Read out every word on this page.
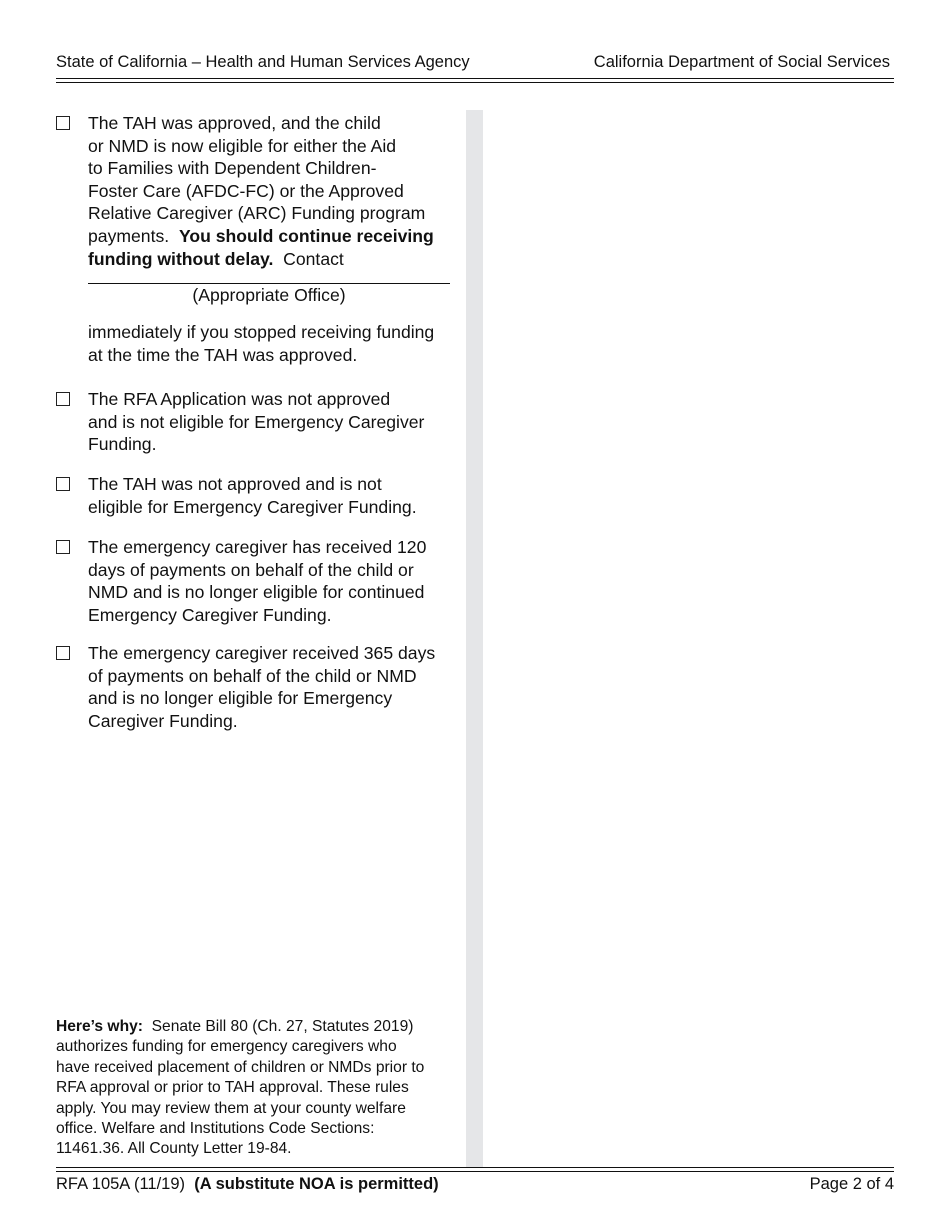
State of California – Health and Human Services Agency	California Department of Social Services

The TAH was approved, and the child

or NMD is now eligible for either the Aid

to Families with Dependent Children-

Foster Care (AFDC-FC) or the Approved

Relative Caregiver (ARC) Funding program

payments. You should continue receiving

funding without delay. Contact

(Appropriate Office)

immediately if you stopped receiving funding

at the time the TAH was approved.

The RFA Application was not approved

and is not eligible for Emergency Caregiver

Funding.

The TAH was not approved and is not

eligible for Emergency Caregiver Funding.

The emergency caregiver has received 120

days of payments on behalf of the child or

NMD and is no longer eligible for continued

Emergency Caregiver Funding.

The emergency caregiver received 365 days

of payments on behalf of the child or NMD

and is no longer eligible for Emergency

Caregiver Funding.

Here’s why: Senate Bill 80 (Ch. 27, Statutes 2019)
authorizes funding for emergency caregivers who
have received placement of children or NMDs prior to
RFA approval or prior to TAH approval. These rules
apply. You may review them at your county welfare
office. Welfare and Institutions Code Sections:
11461.36. All County Letter 19-84.
RFA 105A (11/19) (A substitute NOA is permitted)	Page 2 of 4
